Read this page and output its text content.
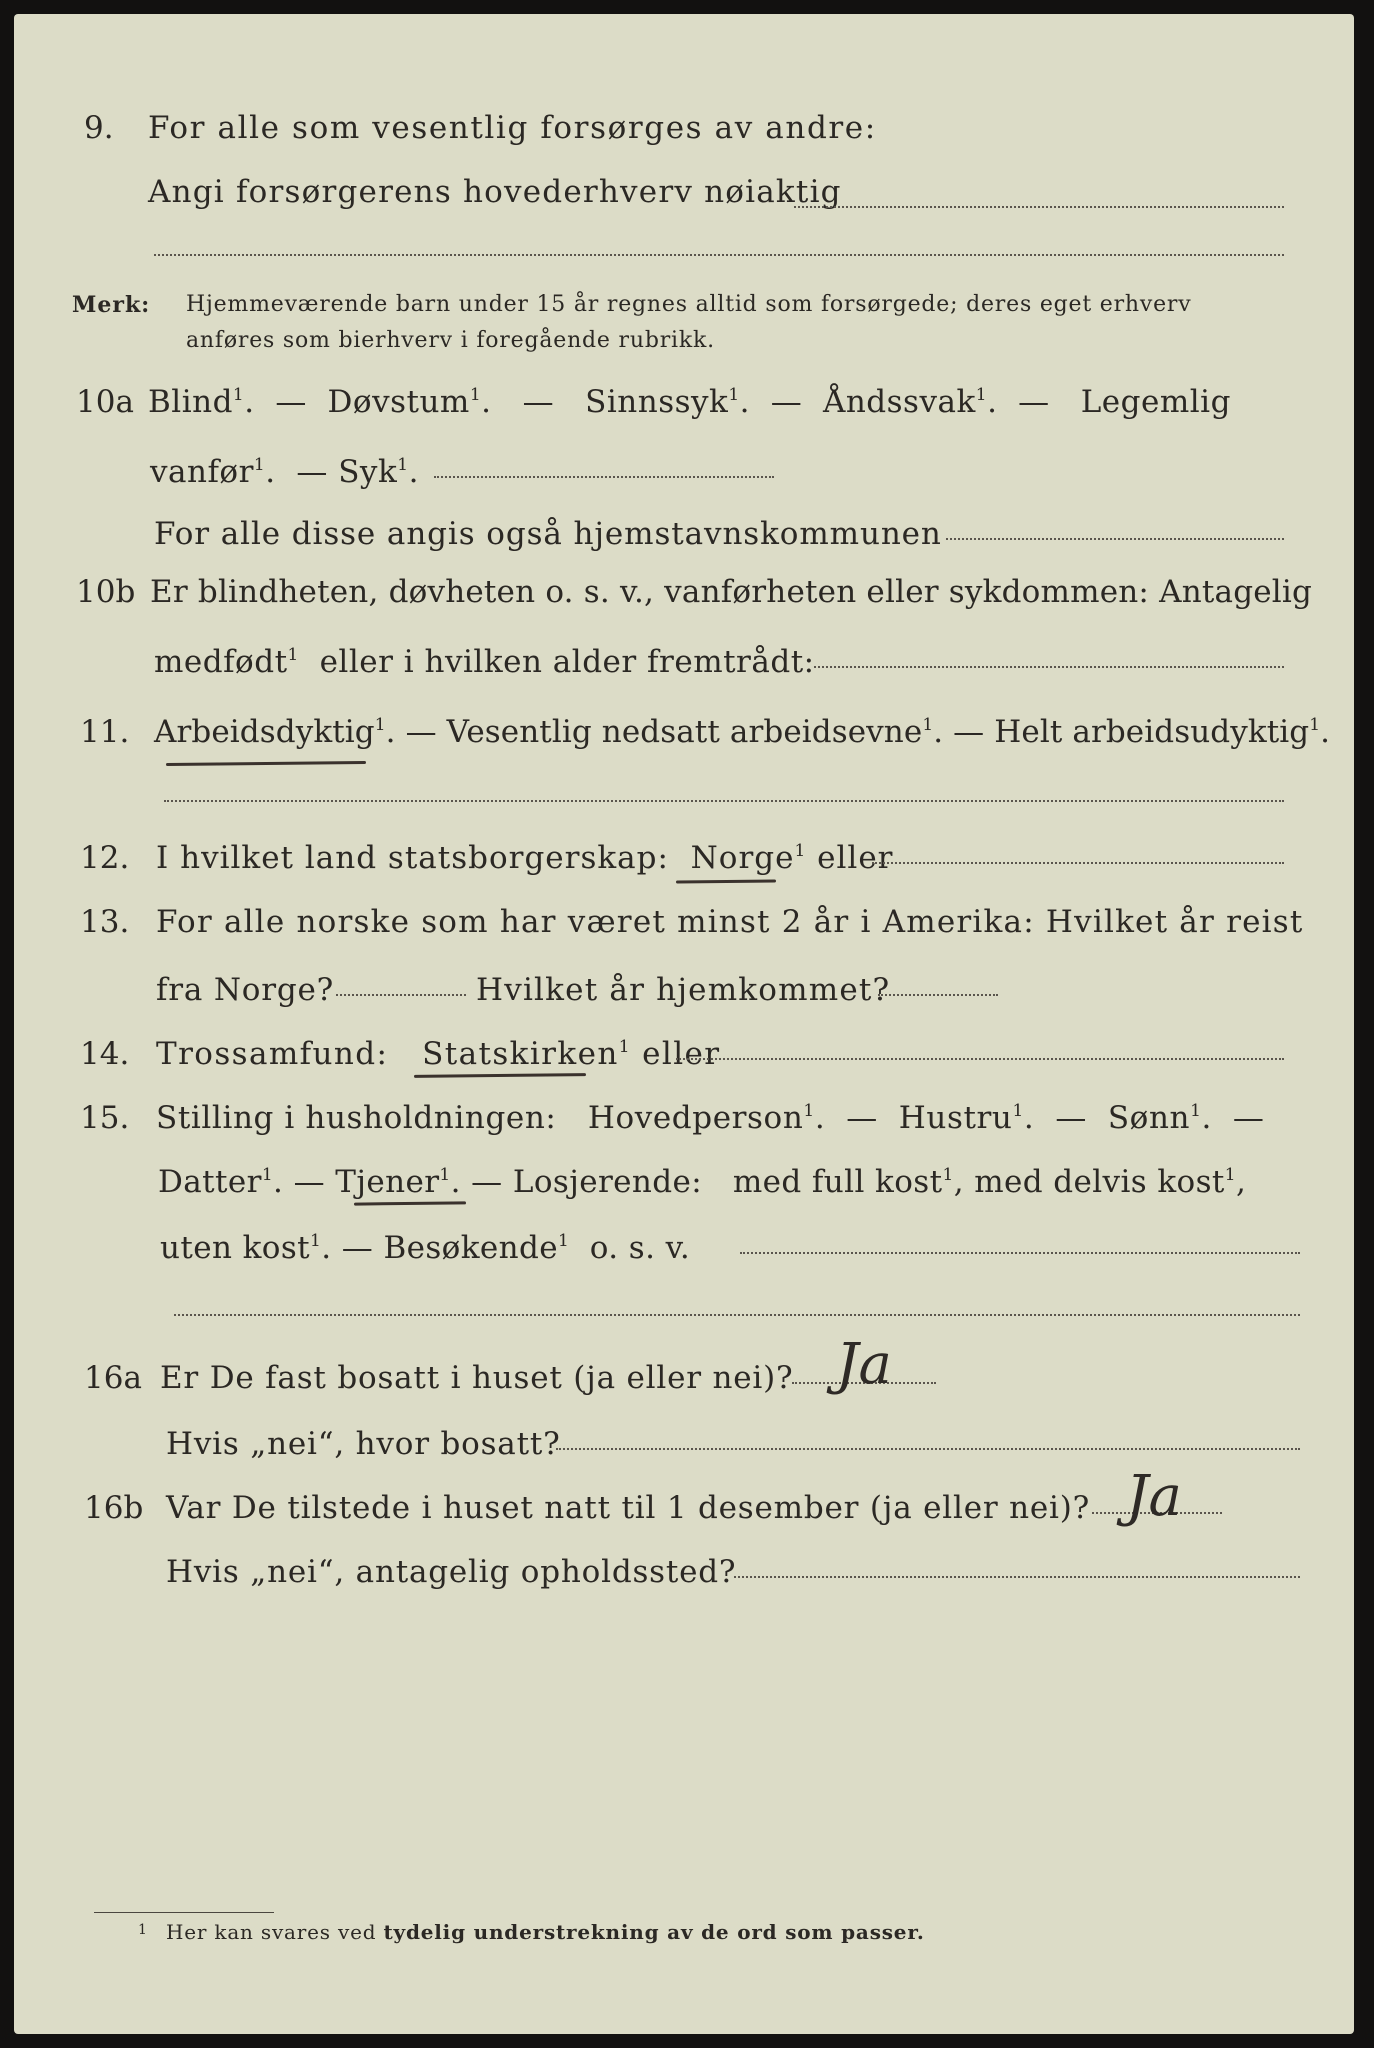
9. For alle som vesentlig forsørges av andre:
Angi forsørgerens hovederhverv nøiaktig
Merk: Hjemmeværende barn under 15 år regnes alltid som forsørgede; deres eget erhverv
anføres som bierhverv i foregående rubrikk.
10a Blind$^1$. — Døvstum$^1$. — Sinnssyk$^1$. — Åndssvak$^1$. — Legemlig
vanfør$^1$. — Syk$^1$.
For alle disse angis også hjemstavnskommunen
10b Er blindheten, døvheten o. s. v., vanførheten eller sykdommen: Antagelig
medfødt$^1$ eller i hvilken alder fremtrådt:
11. Arbeidsdyktig$^1$. — Vesentlig nedsatt arbeidsevne$^1$. — Helt arbeidsudyktig$^1$.
12. I hvilket land statsborgerskap: Norge$^1$ eller
13. For alle norske som har været minst 2 år i Amerika: Hvilket år reist
fra Norge?	Hvilket år hjemkommet?
14. Trossamfund: Statskirken$^1$ eller
15. Stilling i husholdningen: Hovedperson$^1$. — Hustru$^1$. — Sønn$^1$. —
Datter$^1$. — Tjener$^1$. — Losjerende: med full kost$^1$, med delvis kost$^1$,
uten kost$^1$. — Besøkende$^1$ o. s. v.
16a Er De fast bosatt i huset (ja eller nei)? Ja
Hvis „nei“, hvor bosatt?
16b Var De tilstede i huset natt til 1 desember (ja eller nei)? Ja
Hvis „nei“, antagelig opholdssted?
1 Her kan svares ved tydelig understrekning av de ord som passer.
